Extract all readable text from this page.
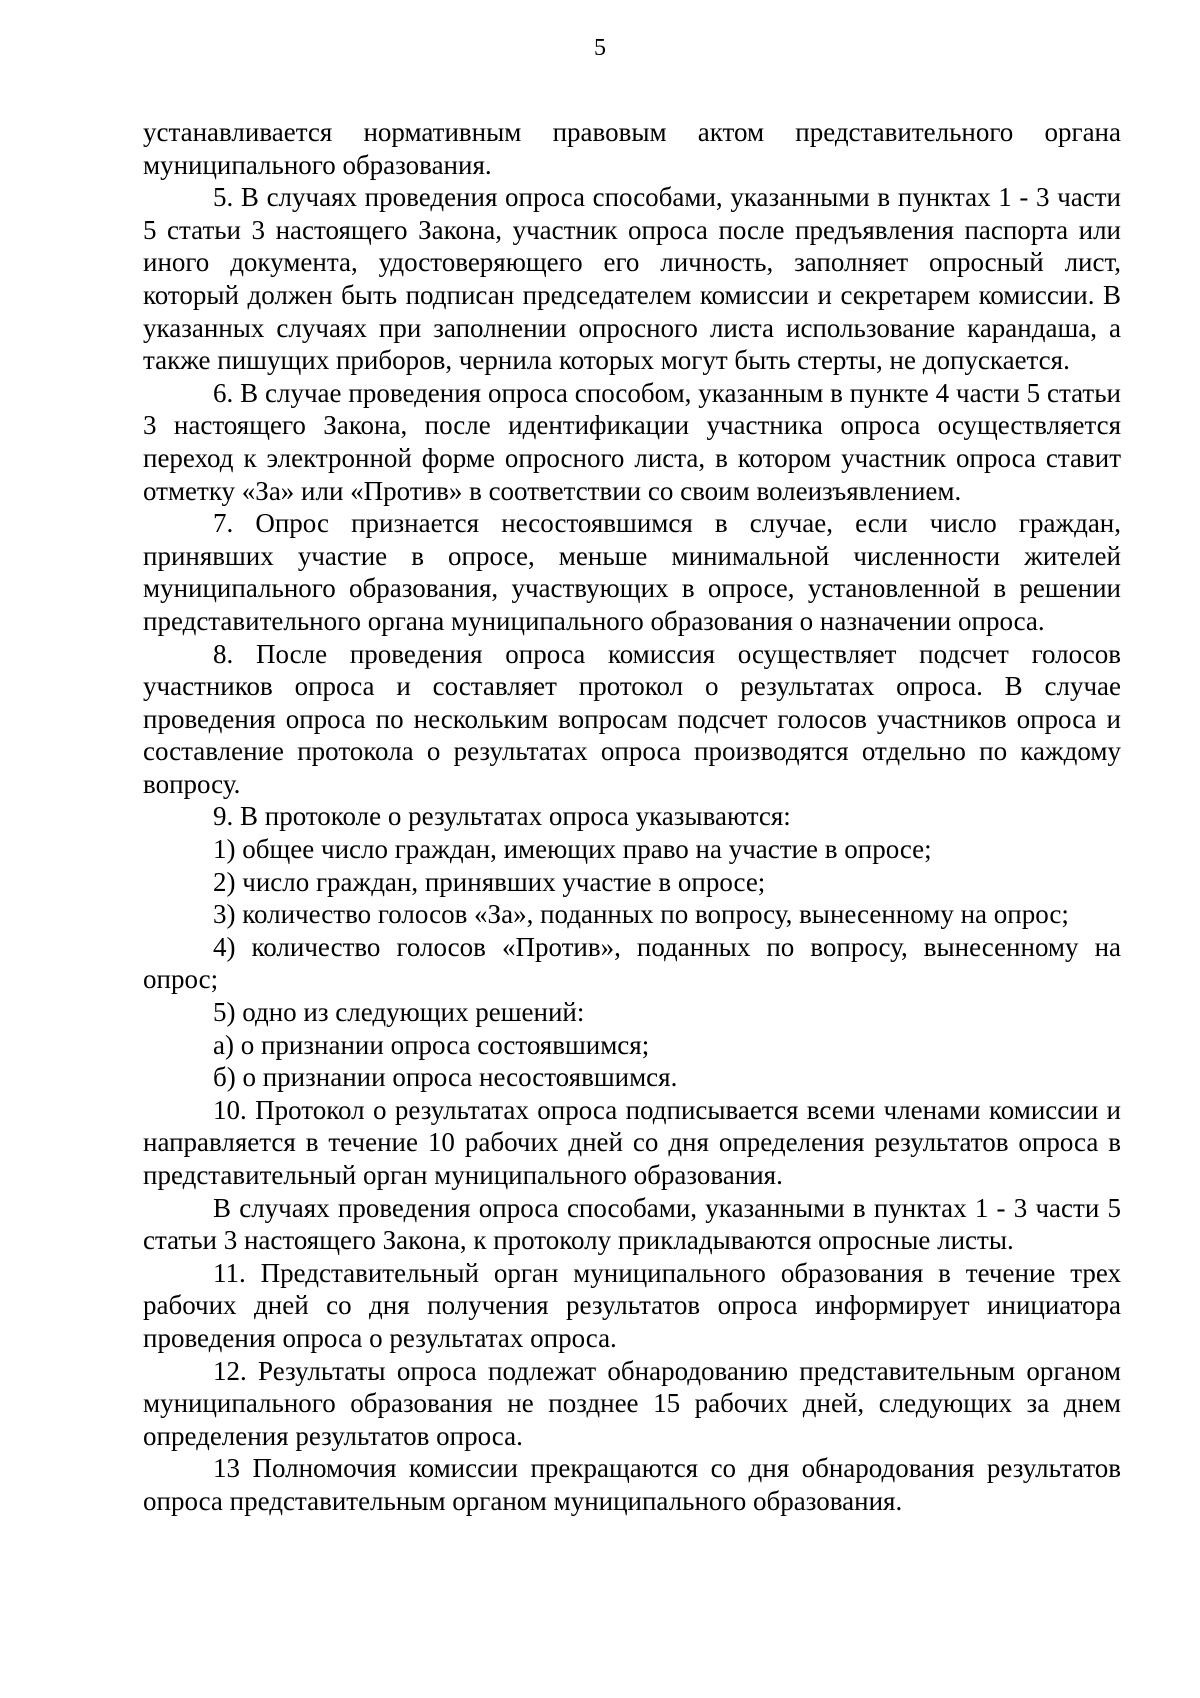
5

устанавливается нормативным правовым актом представительного органа муниципального образования.

5. В случаях проведения опроса способами, указанными в пунктах 1 - 3 части 5 статьи 3 настоящего Закона, участник опроса после предъявления паспорта или иного документа, удостоверяющего его личность, заполняет опросный лист, который должен быть подписан председателем комиссии и секретарем комиссии. В указанных случаях при заполнении опросного листа использование карандаша, а также пишущих приборов, чернила которых могут быть стерты, не допускается.

6. В случае проведения опроса способом, указанным в пункте 4 части 5 статьи 3 настоящего Закона, после идентификации участника опроса осуществляется переход к электронной форме опросного листа, в котором участник опроса ставит отметку «За» или «Против» в соответствии со своим волеизъявлением.

7. Опрос признается несостоявшимся в случае, если число граждан, принявших участие в опросе, меньше минимальной численности жителей муниципального образования, участвующих в опросе, установленной в решении представительного органа муниципального образования о назначении опроса.

8. После проведения опроса комиссия осуществляет подсчет голосов участников опроса и составляет протокол о результатах опроса. В случае проведения опроса по нескольким вопросам подсчет голосов участников опроса и составление протокола о результатах опроса производятся отдельно по каждому вопросу.

9. В протоколе о результатах опроса указываются:

1) общее число граждан, имеющих право на участие в опросе;

2) число граждан, принявших участие в опросе;

3) количество голосов «За», поданных по вопросу, вынесенному на опрос;

4) количество голосов «Против», поданных по вопросу, вынесенному на опрос;

5) одно из следующих решений:

а) о признании опроса состоявшимся;

б) о признании опроса несостоявшимся.

10. Протокол о результатах опроса подписывается всеми членами комиссии и направляется в течение 10 рабочих дней со дня определения результатов опроса в представительный орган муниципального образования.

В случаях проведения опроса способами, указанными в пунктах 1 - 3 части 5 статьи 3 настоящего Закона, к протоколу прикладываются опросные листы.

11. Представительный орган муниципального образования в течение трех рабочих дней со дня получения результатов опроса информирует инициатора проведения опроса о результатах опроса.

12. Результаты опроса подлежат обнародованию представительным органом муниципального образования не позднее 15 рабочих дней, следующих за днем определения результатов опроса.

13 Полномочия комиссии прекращаются со дня обнародования результатов опроса представительным органом муниципального образования.
